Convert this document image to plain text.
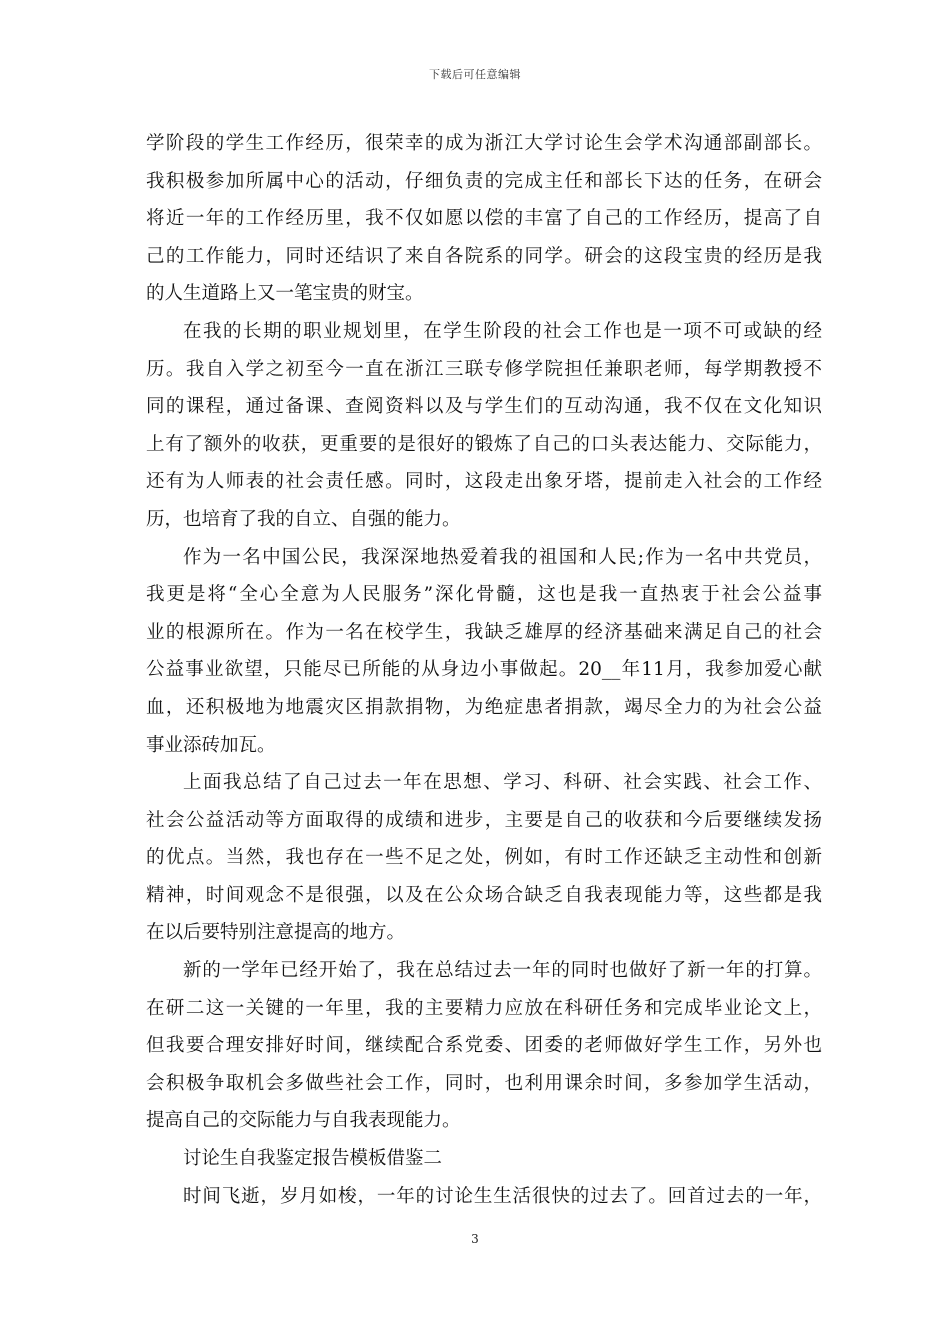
下载后可任意编辑
学阶段的学生工作经历，很荣幸的成为浙江大学讨论生会学术沟通部副部长。
我积极参加所属中心的活动，仔细负责的完成主任和部长下达的任务，在研会
将近一年的工作经历里，我不仅如愿以偿的丰富了自己的工作经历，提高了自
己的工作能力，同时还结识了来自各院系的同学。研会的这段宝贵的经历是我
的人生道路上又一笔宝贵的财宝。
在我的长期的职业规划里，在学生阶段的社会工作也是一项不可或缺的经
历。我自入学之初至今一直在浙江三联专修学院担任兼职老师，每学期教授不
同的课程，通过备课、查阅资料以及与学生们的互动沟通，我不仅在文化知识
上有了额外的收获，更重要的是很好的锻炼了自己的口头表达能力、交际能力，
还有为人师表的社会责任感。同时，这段走出象牙塔，提前走入社会的工作经
历，也培育了我的自立、自强的能力。
作为一名中国公民，我深深地热爱着我的祖国和人民;作为一名中共党员，
我更是将“全心全意为人民服务”深化骨髓，这也是我一直热衷于社会公益事
业的根源所在。作为一名在校学生，我缺乏雄厚的经济基础来满足自己的社会
公益事业欲望，只能尽已所能的从身边小事做起。20__年11月，我参加爱心献
血，还积极地为地震灾区捐款捐物，为绝症患者捐款，竭尽全力的为社会公益
事业添砖加瓦。
上面我总结了自己过去一年在思想、学习、科研、社会实践、社会工作、
社会公益活动等方面取得的成绩和进步，主要是自己的收获和今后要继续发扬
的优点。当然，我也存在一些不足之处，例如，有时工作还缺乏主动性和创新
精神，时间观念不是很强，以及在公众场合缺乏自我表现能力等，这些都是我
在以后要特别注意提高的地方。
新的一学年已经开始了，我在总结过去一年的同时也做好了新一年的打算。
在研二这一关键的一年里，我的主要精力应放在科研任务和完成毕业论文上，
但我要合理安排好时间，继续配合系党委、团委的老师做好学生工作，另外也
会积极争取机会多做些社会工作，同时，也利用课余时间，多参加学生活动，
提高自己的交际能力与自我表现能力。
讨论生自我鉴定报告模板借鉴二
时间飞逝，岁月如梭，一年的讨论生生活很快的过去了。回首过去的一年，
3
